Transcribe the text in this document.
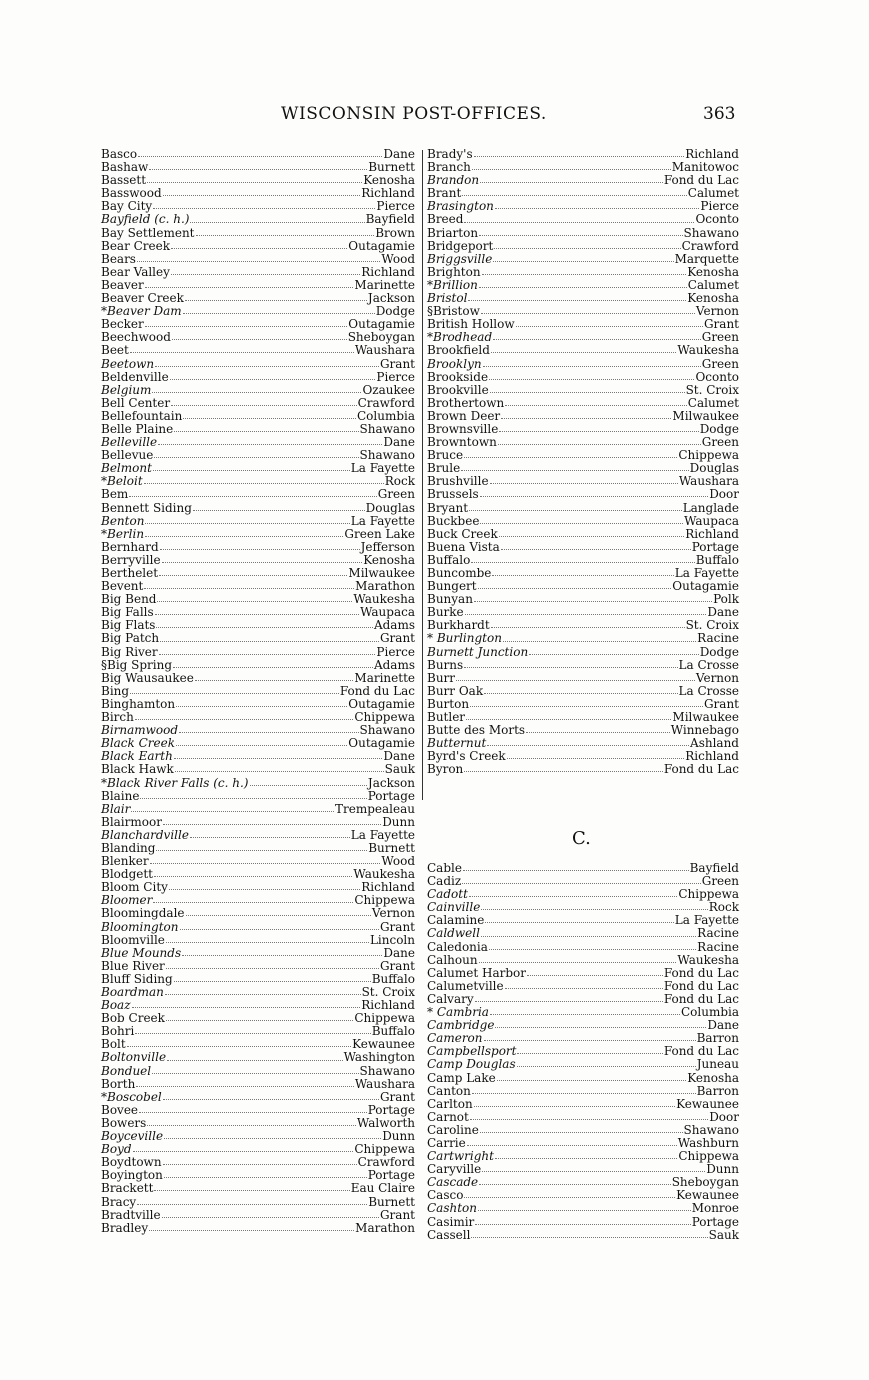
WISCONSIN POST-OFFICES.	363
Basco	Dane
Bashaw	Burnett
Bassett	Kenosha
Basswood	Richland
Bay City	Pierce
Bayfield (c. h.)	Bayfield
Bay Settlement	Brown
Bear Creek	Outagamie
Bears	Wood
Bear Valley	Richland
Beaver	Marinette
Beaver Creek	Jackson
*Beaver Dam	Dodge
Becker	Outagamie
Beechwood	Sheboygan
Beet	Waushara
Beetown	Grant
Beldenville	Pierce
Belgium	Ozaukee
Bell Center	Crawford
Bellefountain	Columbia
Belle Plaine	Shawano
Belleville	Dane
Bellevue	Shawano
Belmont	La Fayette
*Beloit	Rock
Bem	Green
Bennett Siding	Douglas
Benton	La Fayette
*Berlin	Green Lake
Bernhard	Jefferson
Berryville	Kenosha
Berthelet	Milwaukee
Bevent	Marathon
Big Bend	Waukesha
Big Falls	Waupaca
Big Flats	Adams
Big Patch	Grant
Big River	Pierce
§Big Spring	Adams
Big Wausaukee	Marinette
Bing	Fond du Lac
Binghamton	Outagamie
Birch	Chippewa
Birnamwood	Shawano
Black Creek	Outagamie
Black Earth	Dane
Black Hawk	Sauk
*Black River Falls (c. h.)	Jackson
Blaine	Portage
Blair	Trempealeau
Blairmoor	Dunn
Blanchardville	La Fayette
Blanding	Burnett
Blenker	Wood
Blodgett	Waukesha
Bloom City	Richland
Bloomer	Chippewa
Bloomingdale	Vernon
Bloomington	Grant
Bloomville	Lincoln
Blue Mounds	Dane
Blue River	Grant
Bluff Siding	Buffalo
Boardman	St. Croix
Boaz	Richland
Bob Creek	Chippewa
Bohri	Buffalo
Bolt	Kewaunee
Boltonville	Washington
Bonduel	Shawano
Borth	Waushara
*Boscobel	Grant
Bovee	Portage
Bowers	Walworth
Boyceville	Dunn
Boyd	Chippewa
Boydtown	Crawford
Boyington	Portage
Brackett	Eau Claire
Bracy	Burnett
Bradtville	Grant
Bradley	Marathon
Brady's	Richland
Branch	Manitowoc
Brandon	Fond du Lac
Brant	Calumet
Brasington	Pierce
Breed	Oconto
Briarton	Shawano
Bridgeport	Crawford
Briggsville	Marquette
Brighton	Kenosha
*Brillion	Calumet
Bristol	Kenosha
§Bristow	Vernon
British Hollow	Grant
*Brodhead	Green
Brookfield	Waukesha
Brooklyn	Green
Brookside	Oconto
Brookville	St. Croix
Brothertown	Calumet
Brown Deer	Milwaukee
Brownsville	Dodge
Browntown	Green
Bruce	Chippewa
Brule	Douglas
Brushville	Waushara
Brussels	Door
Bryant	Langlade
Buckbee	Waupaca
Buck Creek	Richland
Buena Vista	Portage
Buffalo	Buffalo
Buncombe	La Fayette
Bungert	Outagamie
Bunyan	Polk
Burke	Dane
Burkhardt	St. Croix
* Burlington	Racine
Burnett Junction	Dodge
Burns	La Crosse
Burr	Vernon
Burr Oak	La Crosse
Burton	Grant
Butler	Milwaukee
Butte des Morts	Winnebago
Butternut	Ashland
Byrd's Creek	Richland
Byron	Fond du Lac
C.
Cable	Bayfield
Cadiz	Green
Cadott	Chippewa
Cainville	Rock
Calamine	La Fayette
Caldwell	Racine
Caledonia	Racine
Calhoun	Waukesha
Calumet Harbor	Fond du Lac
Calumetville	Fond du Lac
Calvary	Fond du Lac
* Cambria	Columbia
Cambridge	Dane
Cameron	Barron
Campbellsport	Fond du Lac
Camp Douglas	Juneau
Camp Lake	Kenosha
Canton	Barron
Carlton	Kewaunee
Carnot	Door
Caroline	Shawano
Carrie	Washburn
Cartwright	Chippewa
Caryville	Dunn
Cascade	Sheboygan
Casco	Kewaunee
Cashton	Monroe
Casimir	Portage
Cassell	Sauk
